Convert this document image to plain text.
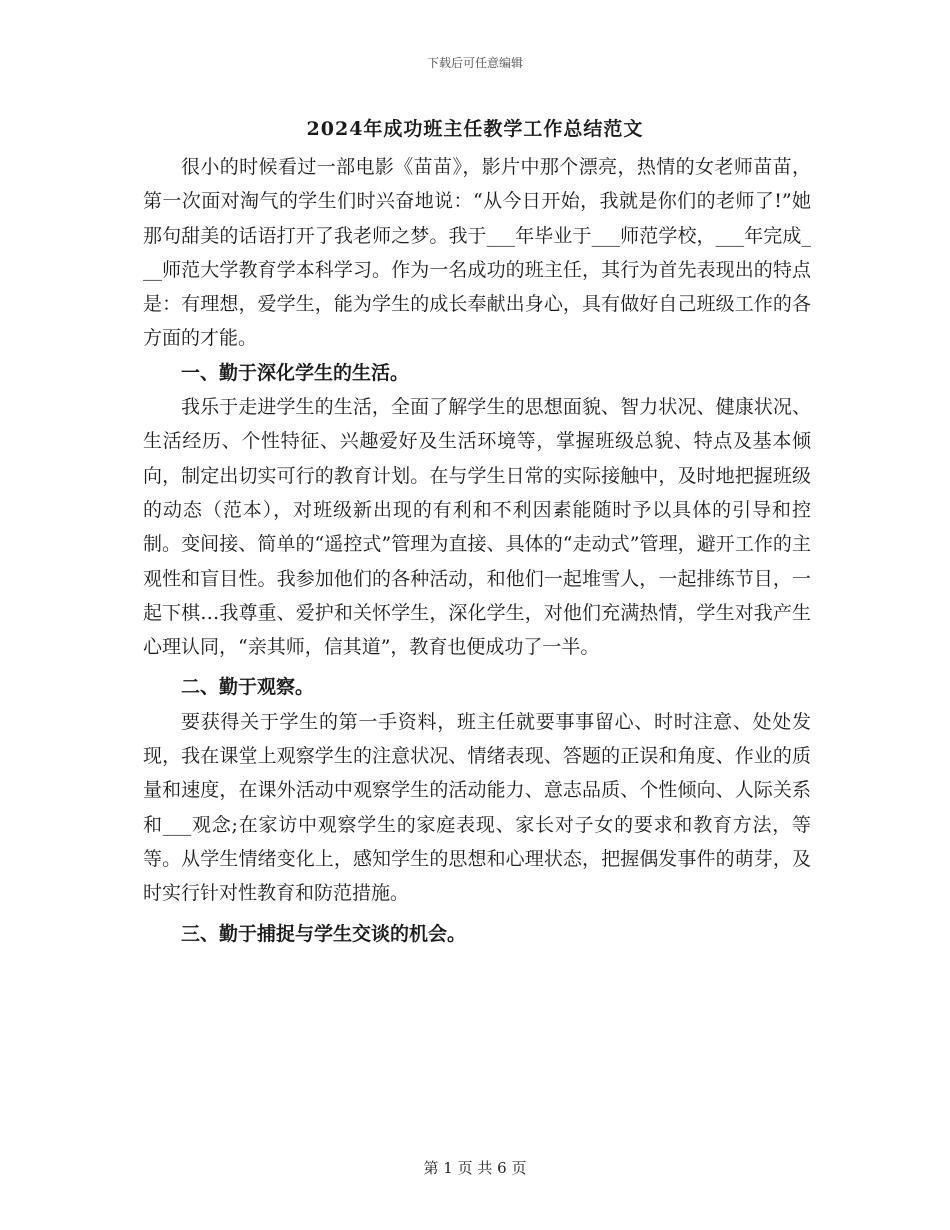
下载后可任意编辑
2024年成功班主任教学工作总结范文

很小的时候看过一部电影《苗苗》，影片中那个漂亮，热情的女老师苗苗，第一次面对淘气的学生们时兴奋地说：“从今日开始，我就是你们的老师了!”她那句甜美的话语打开了我老师之梦。我于___年毕业于___师范学校，___年完成___师范大学教育学本科学习。作为一名成功的班主任，其行为首先表现出的特点是：有理想，爱学生，能为学生的成长奉献出身心，具有做好自己班级工作的各方面的才能。

一、勤于深化学生的生活。

我乐于走进学生的生活，全面了解学生的思想面貌、智力状况、健康状况、生活经历、个性特征、兴趣爱好及生活环境等，掌握班级总貌、特点及基本倾向，制定出切实可行的教育计划。在与学生日常的实际接触中，及时地把握班级的动态（范本），对班级新出现的有利和不利因素能随时予以具体的引导和控制。变间接、简单的“遥控式”管理为直接、具体的“走动式”管理，避开工作的主观性和盲目性。我参加他们的各种活动，和他们一起堆雪人，一起排练节目，一起下棋…我尊重、爱护和关怀学生，深化学生，对他们充满热情，学生对我产生心理认同，“亲其师，信其道”，教育也便成功了一半。

二、勤于观察。

要获得关于学生的第一手资料，班主任就要事事留心、时时注意、处处发现，我在课堂上观察学生的注意状况、情绪表现、答题的正误和角度、作业的质量和速度，在课外活动中观察学生的活动能力、意志品质、个性倾向、人际关系和___观念;在家访中观察学生的家庭表现、家长对子女的要求和教育方法，等等。从学生情绪变化上，感知学生的思想和心理状态，把握偶发事件的萌芽，及时实行针对性教育和防范措施。

三、勤于捕捉与学生交谈的机会。

第 1 页 共 6 页
